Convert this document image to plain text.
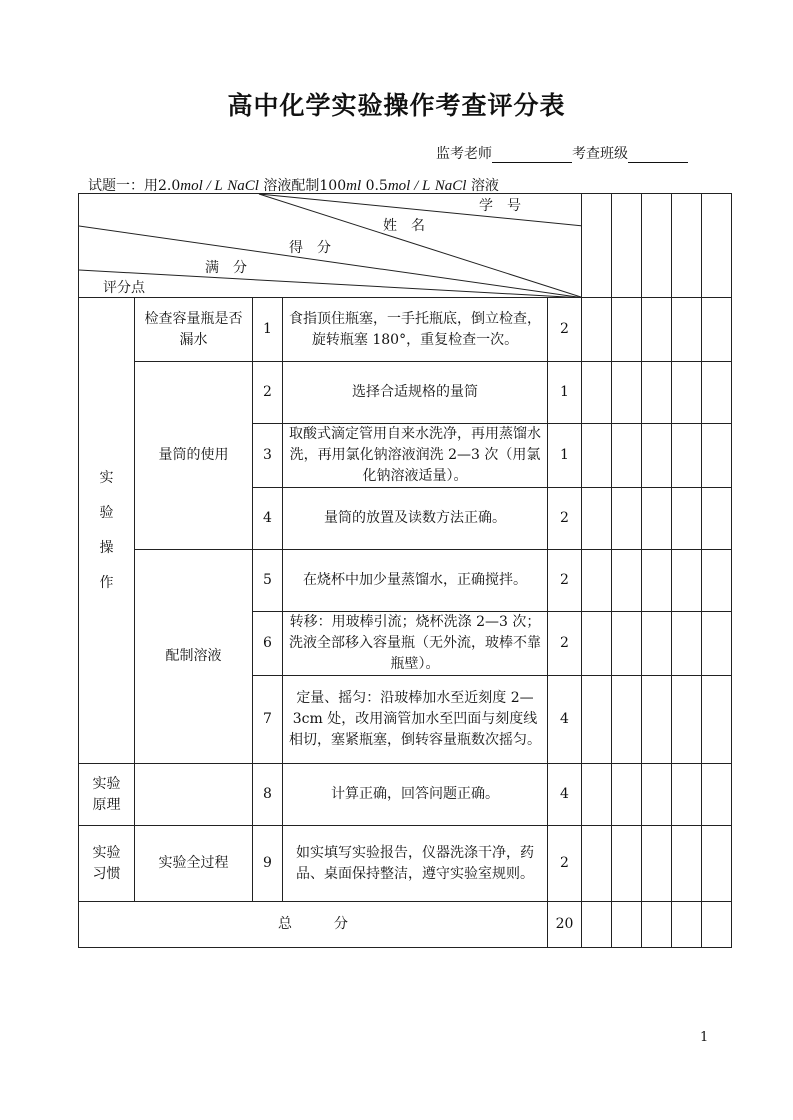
高中化学实验操作考查评分表
监考老师	考查班级
试题一：用2.0mol / L NaCl 溶液配制100ml 0.5mol / L NaCl 溶液
学　号
姓　名
得　分
满　分
评分点									

实
验
操
作	检查容量瓶是否漏水	1	食指顶住瓶塞，一手托瓶底，倒立检查，旋转瓶塞 180°，重复检查一次。	2					
	量筒的使用	2	选择合适规格的量筒	1					
		3	取酸式滴定管用自来水洗净，再用蒸馏水洗，再用氯化钠溶液润洗 2—3 次（用氯化钠溶液适量）。	1					
		4	量筒的放置及读数方法正确。	2					
	配制溶液	5	在烧杯中加少量蒸馏水，正确搅拌。	2					
		6	转移：用玻棒引流；烧杯洗涤 2—3 次；洗液全部移入容量瓶（无外流，玻棒不靠瓶壁）。	2					
		7	定量、摇匀：沿玻棒加水至近刻度 2—3cm 处，改用滴管加水至凹面与刻度线相切，塞紧瓶塞，倒转容量瓶数次摇匀。	4					
实验原理		8	计算正确，回答问题正确。	4					
实验习惯	实验全过程	9	如实填写实验报告，仪器洗涤干净，药品、桌面保持整洁，遵守实验室规则。	2					
总　　　分				20					
1
